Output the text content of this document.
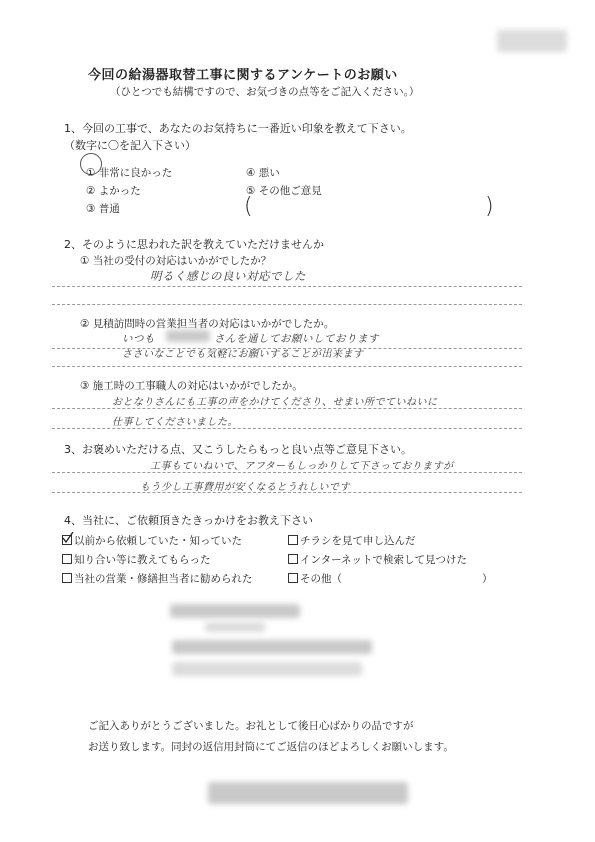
今回の給湯器取替工事に関するアンケートのお願い
（ひとつでも結構ですので、お気づきの点等をご記入ください。）
1、今回の工事で、あなたのお気持ちに一番近い印象を教えて下さい。
（数字に〇を記入下さい）
① 非常に良かった
② よかった
③ 普通
④ 悪い
⑤ その他ご意見
(	)
2、そのように思われた訳を教えていただけませんか
① 当社の受付の対応はいかがでしたか？
明るく感じの良い対応でした
② 見積訪問時の営業担当者の対応はいかがでしたか。
いつも	さんを通してお願いしております
ささいなことでも気軽にお願いすることが出来ます
③ 施工時の工事職人の対応はいかがでしたか。
おとなりさんにも工事の声をかけてくださり、せまい所でていねいに
仕事してくださいました。
3、お褒めいただける点、又こうしたらもっと良い点等ご意見下さい。
工事もていねいで、アフターもしっかりして下さっておりますが
もう少し工事費用が安くなるとうれしいです
4、当社に、ご依頼頂きたきっかけをお教え下さい
以前から依頼していた・知っていた
知り合い等に教えてもらった
当社の営業・修繕担当者に勧められた
チラシを見て申し込んだ
インターネットで検索して見つけた
その他（	）
ご記入ありがとうございました。お礼として後日心ばかりの品ですが
お送り致します。同封の返信用封筒にてご返信のほどよろしくお願いします。
